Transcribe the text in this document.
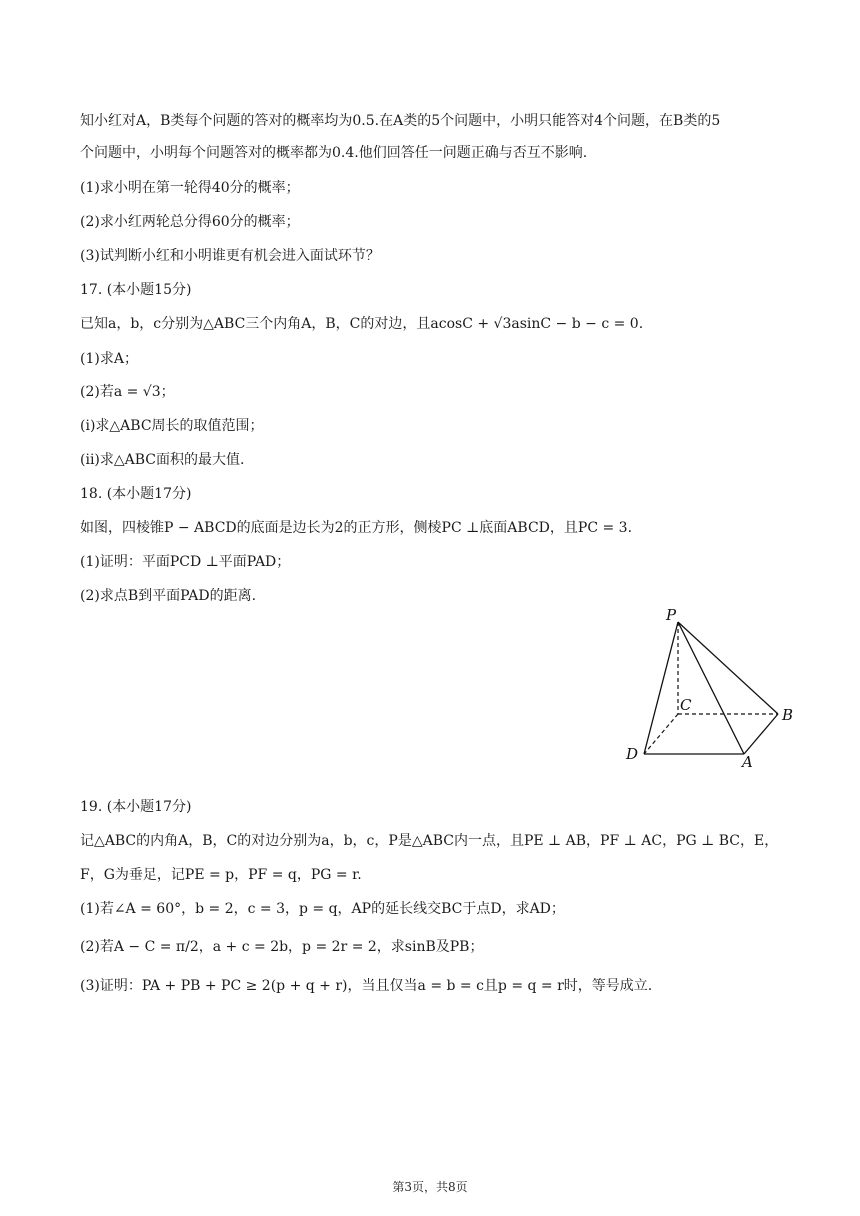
知小红对A，B类每个问题的答对的概率均为0.5.在A类的5个问题中，小明只能答对4个问题，在B类的5
个问题中，小明每个问题答对的概率都为0.4.他们回答任一问题正确与否互不影响.
(1)求小明在第一轮得40分的概率；
(2)求小红两轮总分得60分的概率；
(3)试判断小红和小明谁更有机会进入面试环节？
17. (本小题15分)
已知a，b，c分别为△ABC三个内角A，B，C的对边，且acosC + √3asinC − b − c = 0.
(1)求A；
(2)若a = √3；
(i)求△ABC周长的取值范围；
(ii)求△ABC面积的最大值.
18. (本小题17分)
如图，四棱锥P − ABCD的底面是边长为2的正方形，侧棱PC ⊥底面ABCD，且PC = 3.
(1)证明：平面PCD ⊥平面PAD；
(2)求点B到平面PAD的距离.
19. (本小题17分)
记△ABC的内角A，B，C的对边分别为a，b，c，P是△ABC内一点，且PE ⊥ AB，PF ⊥ AC，PG ⊥ BC，E，
F，G为垂足，记PE = p，PF = q，PG = r.
(1)若∠A = 60°，b = 2，c = 3，p = q，AP的延长线交BC于点D，求AD；
(2)若A − C = π/2，a + c = 2b，p = 2r = 2，求sinB及PB；
(3)证明：PA + PB + PC ≥ 2(p + q + r)，当且仅当a = b = c且p = q = r时，等号成立.
P
C
B
D	A
第3页，共8页
